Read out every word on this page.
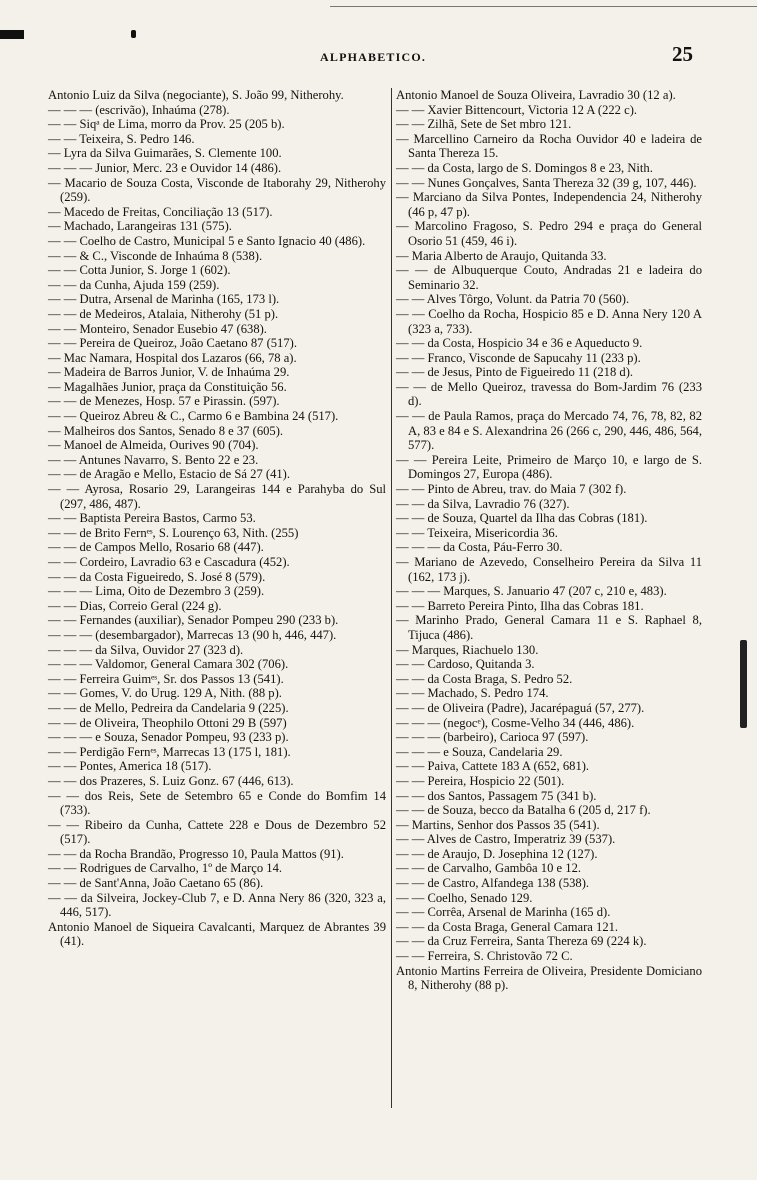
ALPHABETICO.	25
Antonio Luiz da Silva (negociante), S. João 99, Nitherohy.
— — — (escrivão), Inhaúma (278).
— — Siqᵃ de Lima, morro da Prov. 25 (205 b).
— — Teixeira, S. Pedro 146.
— Lyra da Silva Guimarães, S. Clemente 100.
— — — Junior, Merc. 23 e Ouvidor 14 (486).
— Macario de Souza Costa, Visconde de Itaborahy 29, Nitherohy (259).
— Macedo de Freitas, Conciliação 13 (517).
— Machado, Larangeiras 131 (575).
— — Coelho de Castro, Municipal 5 e Santo Ignacio 40 (486).
— — & C., Visconde de Inhaúma 8 (538).
— — Cotta Junior, S. Jorge 1 (602).
— — da Cunha, Ajuda 159 (259).
— — Dutra, Arsenal de Marinha (165, 173 l).
— — de Medeiros, Atalaia, Nitherohy (51 p).
— — Monteiro, Senador Eusebio 47 (638).
— — Pereira de Queiroz, João Caetano 87 (517).
— Mac Namara, Hospital dos Lazaros (66, 78 a).
— Madeira de Barros Junior, V. de Inhaúma 29.
— Magalhães Junior, praça da Constituição 56.
— — de Menezes, Hosp. 57 e Pirassin. (597).
— — Queiroz Abreu & C., Carmo 6 e Bambina 24 (517).
— Malheiros dos Santos, Senado 8 e 37 (605).
— Manoel de Almeida, Ourives 90 (704).
— — Antunes Navarro, S. Bento 22 e 23.
— — de Aragão e Mello, Estacio de Sá 27 (41).
— — Ayrosa, Rosario 29, Larangeiras 144 e Parahyba do Sul (297, 486, 487).
— — Baptista Pereira Bastos, Carmo 53.
— — de Brito Fernᵉˢ, S. Lourenço 63, Nith. (255)
— — de Campos Mello, Rosario 68 (447).
— — Cordeiro, Lavradio 63 e Cascadura (452).
— — da Costa Figueiredo, S. José 8 (579).
— — — Lima, Oito de Dezembro 3 (259).
— — Dias, Correio Geral (224 g).
— — Fernandes (auxiliar), Senador Pompeu 290 (233 b).
— — — (desembargador), Marrecas 13 (90 h, 446, 447).
— — — da Silva, Ouvidor 27 (323 d).
— — — Valdomor, General Camara 302 (706).
— — Ferreira Guimᵉˢ, Sr. dos Passos 13 (541).
— — Gomes, V. do Urug. 129 A, Nith. (88 p).
— — de Mello, Pedreira da Candelaria 9 (225).
— — de Oliveira, Theophilo Ottoni 29 B (597)
— — — e Souza, Senador Pompeu, 93 (233 p).
— — Perdigão Fernᵉˢ, Marrecas 13 (175 l, 181).
— — Pontes, America 18 (517).
— — dos Prazeres, S. Luiz Gonz. 67 (446, 613).
— — dos Reis, Sete de Setembro 65 e Conde do Bomfim 14 (733).
— — Ribeiro da Cunha, Cattete 228 e Dous de Dezembro 52 (517).
— — da Rocha Brandão, Progresso 10, Paula Mattos (91).
— — Rodrigues de Carvalho, 1º de Março 14.
— — de Sant'Anna, João Caetano 65 (86).
— — da Silveira, Jockey-Club 7, e D. Anna Nery 86 (320, 323 a, 446, 517).
Antonio Manoel de Siqueira Cavalcanti, Marquez de Abrantes 39 (41).
Antonio Manoel de Souza Oliveira, Lavradio 30 (12 a).
— — Xavier Bittencourt, Victoria 12 A (222 c).
— — Zilhã, Sete de Set mbro 121.
— Marcellino Carneiro da Rocha Ouvidor 40 e ladeira de Santa Thereza 15.
— — da Costa, largo de S. Domingos 8 e 23, Nith.
— — Nunes Gonçalves, Santa Thereza 32 (39 g, 107, 446).
— Marciano da Silva Pontes, Independencia 24, Nitherohy (46 p, 47 p).
— Marcolino Fragoso, S. Pedro 294 e praça do General Osorio 51 (459, 46 i).
— Maria Alberto de Araujo, Quitanda 33.
— — de Albuquerque Couto, Andradas 21 e ladeira do Seminario 32.
— — Alves Tôrgo, Volunt. da Patria 70 (560).
— — Coelho da Rocha, Hospicio 85 e D. Anna Nery 120 A (323 a, 733).
— — da Costa, Hospicio 34 e 36 e Aqueducto 9.
— — Franco, Visconde de Sapucahy 11 (233 p).
— — de Jesus, Pinto de Figueiredo 11 (218 d).
— — de Mello Queiroz, travessa do Bom-Jardim 76 (233 d).
— — de Paula Ramos, praça do Mercado 74, 76, 78, 82, 82 A, 83 e 84 e S. Alexandrina 26 (266 c, 290, 446, 486, 564, 577).
— — Pereira Leite, Primeiro de Março 10, e largo de S. Domingos 27, Europa (486).
— — Pinto de Abreu, trav. do Maia 7 (302 f).
— — da Silva, Lavradio 76 (327).
— — de Souza, Quartel da Ilha das Cobras (181).
— — Teixeira, Misericordia 36.
— — — da Costa, Páu-Ferro 30.
— Mariano de Azevedo, Conselheiro Pereira da Silva 11 (162, 173 j).
— — — Marques, S. Januario 47 (207 c, 210 e, 483).
— — Barreto Pereira Pinto, Ilha das Cobras 181.
— Marinho Prado, General Camara 11 e S. Raphael 8, Tijuca (486).
— Marques, Riachuelo 130.
— — Cardoso, Quitanda 3.
— — da Costa Braga, S. Pedro 52.
— — Machado, S. Pedro 174.
— — de Oliveira (Padre), Jacarépaguá (57, 277).
— — — (negocᵉ), Cosme-Velho 34 (446, 486).
— — — (barbeiro), Carioca 97 (597).
— — — e Souza, Candelaria 29.
— — Paiva, Cattete 183 A (652, 681).
— — Pereira, Hospicio 22 (501).
— — dos Santos, Passagem 75 (341 b).
— — de Souza, becco da Batalha 6 (205 d, 217 f).
— Martins, Senhor dos Passos 35 (541).
— — Alves de Castro, Imperatriz 39 (537).
— — de Araujo, D. Josephina 12 (127).
— — de Carvalho, Gambôa 10 e 12.
— — de Castro, Alfandega 138 (538).
— — Coelho, Senado 129.
— — Corrêa, Arsenal de Marinha (165 d).
— — da Costa Braga, General Camara 121.
— — da Cruz Ferreira, Santa Thereza 69 (224 k).
— — Ferreira, S. Christovão 72 C.
Antonio Martins Ferreira de Oliveira, Presidente Domiciano 8, Nitherohy (88 p).
